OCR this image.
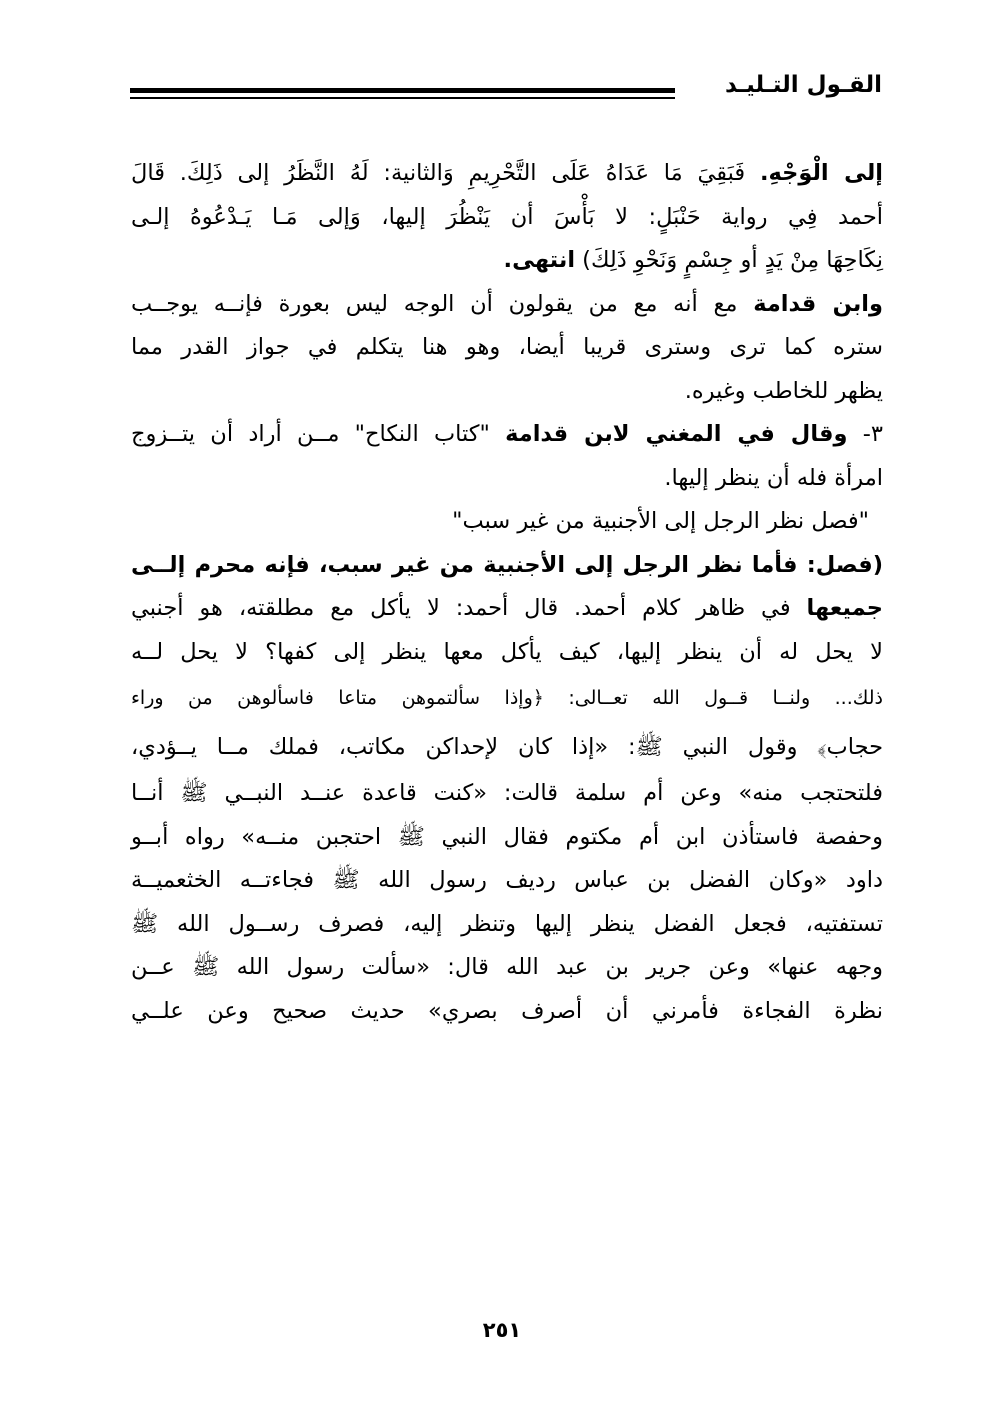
القـول التـليـد
إلى الْوَجْهِ. فَبَقِيَ مَا عَدَاهُ عَلَى التَّحْرِيمِ وَالثانية: لَهُ النَّظَرُ إلى ذَلِكَ. قَالَ
أحمد فِي رواية حَنْبَلٍ: لا بَأْسَ أن يَنْظُرَ إليها، وَإلى مَـا يَـدْعُوهُ إلـى
نِكَاحِهَا مِنْ يَدٍ أو جِسْمٍ وَنَحْوِ ذَلِكَ) انتهى.
وابن قدامة مع أنه مع من يقولون أن الوجه ليس بعورة فإنــه يوجــب
ستره كما ترى وسترى قريبا أيضا، وهو هنا يتكلم في جواز القدر مما
يظهر للخاطب وغيره.
٣- وقال في المغني لابن قدامة "كتاب النكاح" مــن أراد أن يتــزوج
امرأة فله أن ينظر إليها.
"فصل نظر الرجل إلى الأجنبية من غير سبب"
(فصل: فأما نظر الرجل إلى الأجنبية من غير سبب، فإنه محرم إلــى
جميعها في ظاهر كلام أحمد. قال أحمد: لا يأكل مع مطلقته، هو أجنبي
لا يحل له أن ينظر إليها، كيف يأكل معها ينظر إلى كفها؟ لا يحل لــه
ذلك... ولنــا قــول الله تعــالى: ﴿وإذا سألتموهن متاعا فاسألوهن من وراء
حجاب﴾ وقول النبي ﷺ: «إذا كان لإحداكن مكاتب، فملك مــا يــؤدي،
فلتحتجب منه» وعن أم سلمة قالت: «كنت قاعدة عنــد النبــي ﷺ أنــا
وحفصة فاستأذن ابن أم مكتوم فقال النبي ﷺ احتجبن منــه» رواه أبــو
داود «وكان الفضل بن عباس رديف رسول الله ﷺ فجاءتــه الخثعميــة
تستفتيه، فجعل الفضل ينظر إليها وتنظر إليه، فصرف رســول الله ﷺ
وجهه عنها» وعن جرير بن عبد الله قال: «سألت رسول الله ﷺ عــن
نظرة الفجاءة فأمرني أن أصرف بصري» حديث صحيح وعن علــي
٢٥١
